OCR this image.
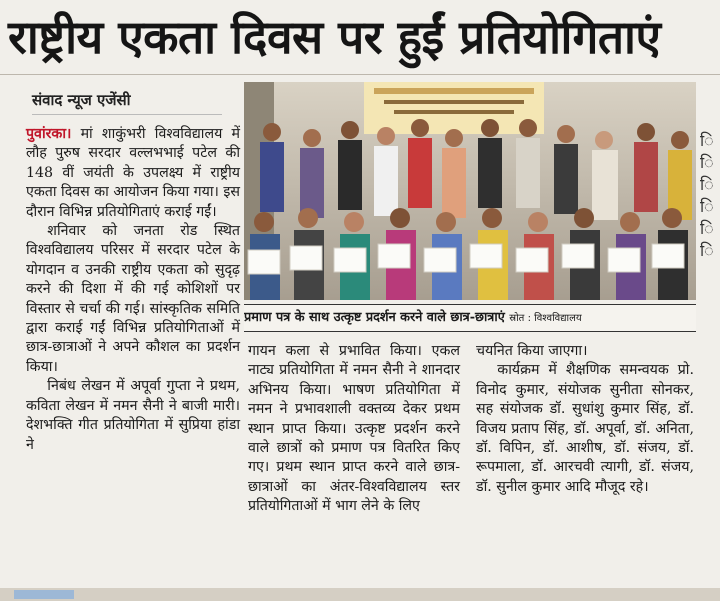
राष्ट्रीय एकता दिवस पर हुईं प्रतियोगिताएं
संवाद न्यूज एजेंसी

पुवांरका। मां शाकुंभरी विश्वविद्यालय में लौह पुरुष सरदार वल्लभभाई पटेल की 148 वीं जयंती के उपलक्ष्य में राष्ट्रीय एकता दिवस का आयोजन किया गया। इस दौरान विभिन्न प्रतियोगिताएं कराई गईं।

शनिवार को जनता रोड स्थित विश्वविद्यालय परिसर में सरदार पटेल के योगदान व उनकी राष्ट्रीय एकता को सुदृढ़ करने की दिशा में की गई कोशिशों पर विस्तार से चर्चा की गई। सांस्कृतिक समिति द्वारा कराई गईं विभिन्न प्रतियोगिताओं में छात्र-छात्राओं ने अपने कौशल का प्रदर्शन किया।

निबंध लेखन में अपूर्वा गुप्ता ने प्रथम, कविता लेखन में नमन सैनी ने बाजी मारी। देशभक्ति गीत प्रतियोगिता में सुप्रिया हांडा ने

प्रमाण पत्र के साथ उत्कृष्ट प्रदर्शन करने वाले छात्र-छात्राएं स्रोत : विश्वविद्यालय

गायन कला से प्रभावित किया। एकल नाट्य प्रतियोगिता में नमन सैनी ने शानदार अभिनय किया। भाषण प्रतियोगिता में नमन ने प्रभावशाली वक्तव्य देकर प्रथम स्थान प्राप्त किया। उत्कृष्ट प्रदर्शन करने वाले छात्रों को प्रमाण पत्र वितरित किए गए। प्रथम स्थान प्राप्त करने वाले छात्र-छात्राओं का अंतर-विश्वविद्यालय स्तर प्रतियोगिताओं में भाग लेने के लिए

चयनित किया जाएगा।

कार्यक्रम में शैक्षणिक समन्वयक प्रो. विनोद कुमार, संयोजक सुनीता सोनकर, सह संयोजक डॉ. सुधांशु कुमार सिंह, डॉ. विजय प्रताप सिंह, डॉ. अपूर्वा, डॉ. अनिता, डॉ. विपिन, डॉ. आशीष, डॉ. संजय, डॉ. रूपमाला, डॉ. आरचवी त्यागी, डॉ. संजय, डॉ. सुनील कुमार आदि मौजूद रहे।

ि ि ि ि ि ि
